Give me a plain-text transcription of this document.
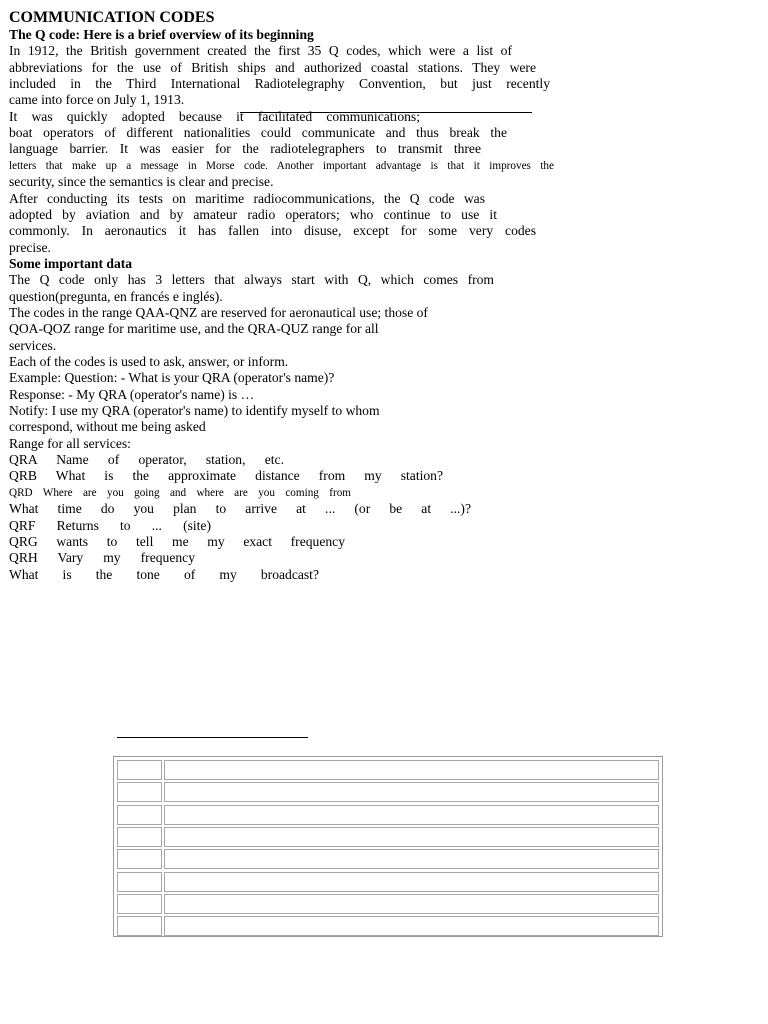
COMMUNICATION CODES
The Q code: Here is a brief overview of its beginning
In 1912, the British government created the first 35 Q codes, which were a list of
abbreviations for the use of British ships and authorized coastal stations. They were
included in the Third International Radiotelegraphy Convention, but just recently
came into force on July 1, 1913.
It was quickly adopted because it facilitated communications;
boat operators of different nationalities could communicate and thus break the
language barrier. It was easier for the radiotelegraphers to transmit three
letters that make up a message in Morse code. Another important advantage is that it improves the
security, since the semantics is clear and precise.
After conducting its tests on maritime radiocommunications, the Q code was
adopted by aviation and by amateur radio operators; who continue to use it
commonly. In aeronautics it has fallen into disuse, except for some very codes
precise.
Some important data
The Q code only has 3 letters that always start with Q, which comes from
question(pregunta, en francés e inglés).
The codes in the range QAA-QNZ are reserved for aeronautical use; those of
QOA-QOZ range for maritime use, and the QRA-QUZ range for all
services.
Each of the codes is used to ask, answer, or inform.
Example: Question: - What is your QRA (operator's name)?
Response: - My QRA (operator's name) is …
Notify: I use my QRA (operator's name) to identify myself to whom
correspond, without me being asked
Range for all services:
QRA Name of operator, station, etc.
QRB What is the approximate distance from my station?
QRD Where are you going and where are you coming from
What time do you plan to arrive at ... (or be at ...)?
QRF Returns to ... (site)
QRG wants to tell me my exact frequency
QRH Vary my frequency
What is the tone of my broadcast?
